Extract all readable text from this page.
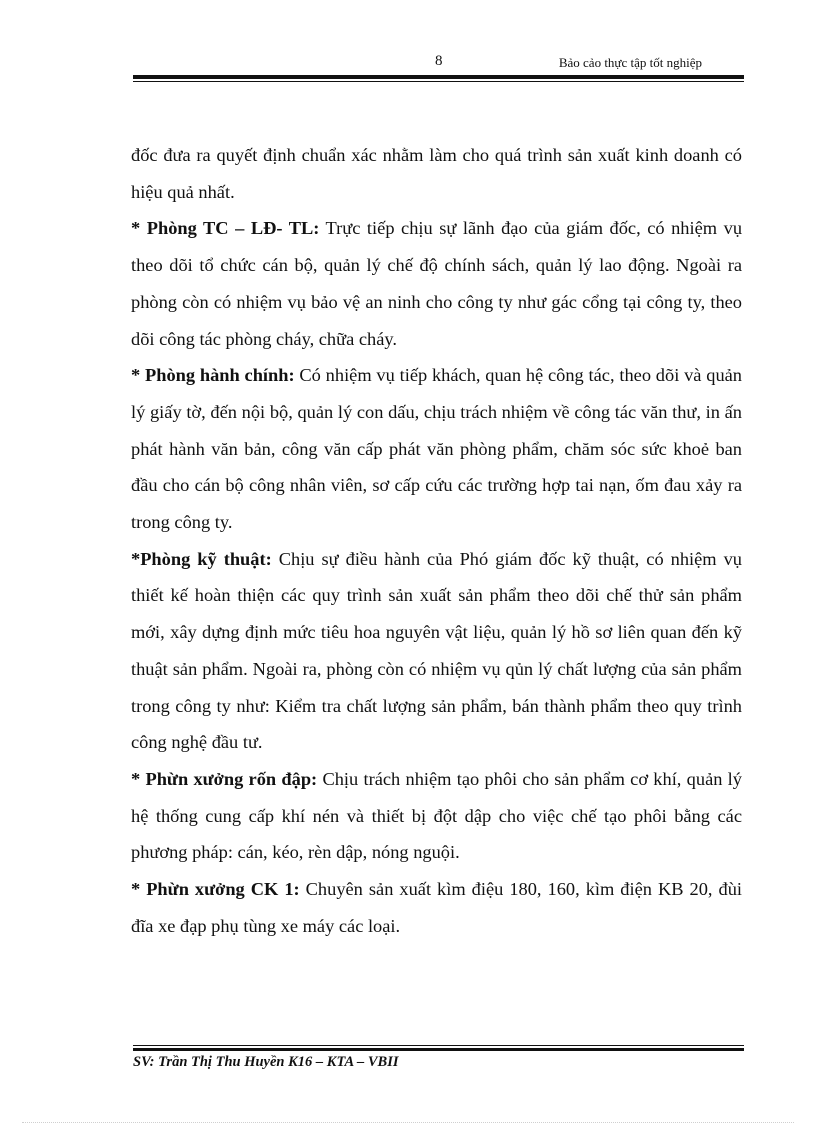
8	Bảo cảo thực tập tốt nghiệp

đốc đưa ra quyết định chuẩn xác nhằm làm cho quá trình sản xuất kinh doanh có hiệu quả nhất.

* Phòng TC – LĐ- TL: Trực tiếp chịu sự lãnh đạo của giám đốc, có nhiệm vụ theo dõi tổ chức cán bộ, quản lý chế độ chính sách, quản lý lao động. Ngoài ra phòng còn có nhiệm vụ bảo vệ an ninh cho công ty như gác cổng tại công ty, theo dõi công tác phòng cháy, chữa cháy.

* Phòng hành chính: Có nhiệm vụ tiếp khách, quan hệ công tác, theo dõi và quản lý giấy tờ, đến nội bộ, quản lý con dấu, chịu trách nhiệm về công tác văn thư, in ấn phát hành văn bản, công văn cấp phát văn phòng phẩm, chăm sóc sức khoẻ ban đầu cho cán bộ công nhân viên, sơ cấp cứu các trường hợp tai nạn, ốm đau xảy ra trong công ty.

*Phòng kỹ thuật: Chịu sự điều hành của Phó giám đốc kỹ thuật, có nhiệm vụ thiết kế hoàn thiện các quy trình sản xuất sản phẩm theo dõi chế thử sản phẩm mới, xây dựng định mức tiêu hoa nguyên vật liệu, quản lý hồ sơ liên quan đến kỹ thuật sản phẩm. Ngoài ra, phòng còn có nhiệm vụ qủn lý chất lượng của sản phẩm trong công ty như: Kiểm tra chất lượng sản phẩm, bán thành phẩm theo quy trình công nghệ đầu tư.

* Phừn xưởng rốn đập: Chịu trách nhiệm tạo phôi cho sản phẩm cơ khí, quản lý hệ thống cung cấp khí nén và thiết bị đột dập cho việc chế tạo phôi bằng các phương pháp: cán, kéo, rèn dập, nóng nguội.

* Phừn xưởng CK 1: Chuyên sản xuất kìm điệu 180, 160, kìm điện KB 20, đùi đĩa xe đạp phụ tùng xe máy các loại.

SV: Trần Thị Thu Huyền K16 – KTA – VBII
